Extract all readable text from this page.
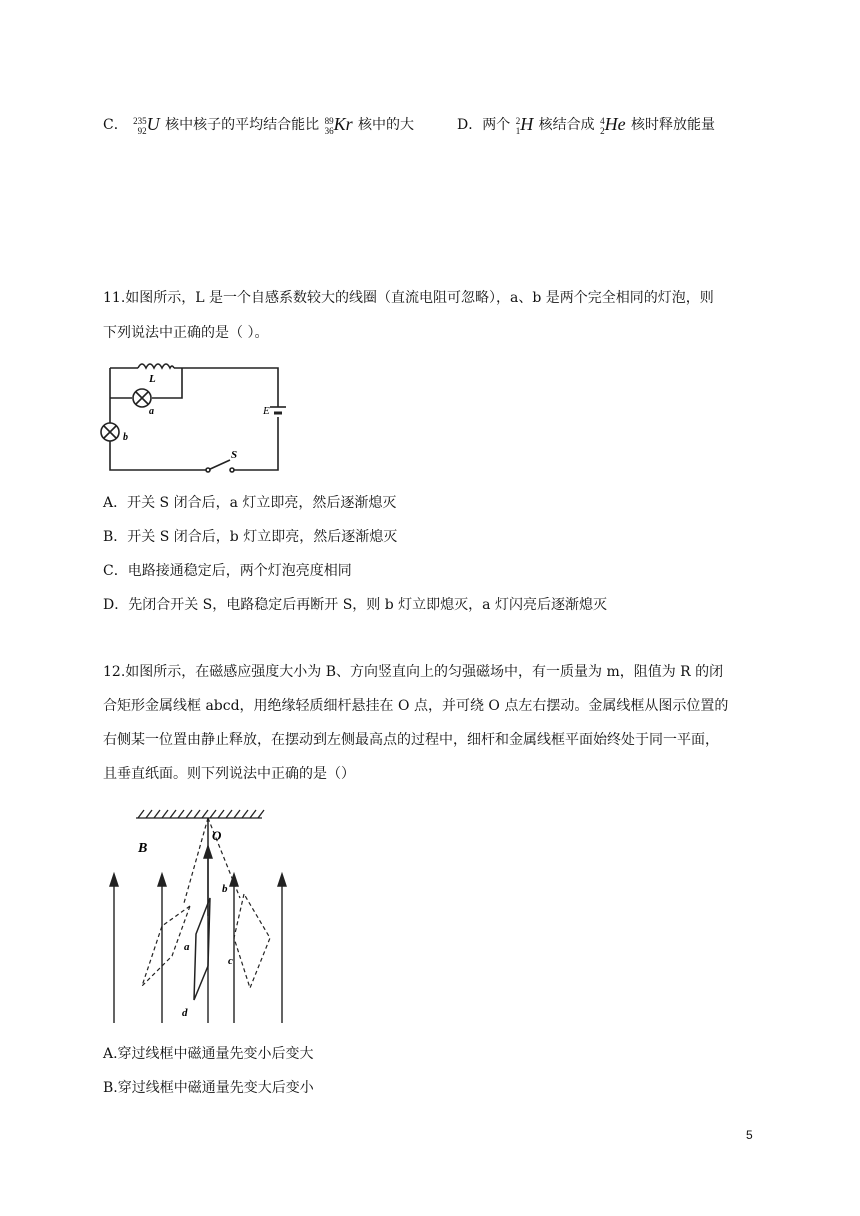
C． 235
92 U 核中核子的平均结合能比 89
36 Kr 核中的大	D．两个 2
1 H 核结合成 4
2 He 核时释放能量
11.如图所示，L 是一个自感系数较大的线圈（直流电阻可忽略），a、b 是两个完全相同的灯泡，则
下列说法中正确的是（ ）。
L
a
b
E
S
A．开关 S 闭合后，a 灯立即亮，然后逐渐熄灭
B．开关 S 闭合后，b 灯立即亮，然后逐渐熄灭
C．电路接通稳定后，两个灯泡亮度相同
D．先闭合开关 S，电路稳定后再断开 S，则 b 灯立即熄灭，a 灯闪亮后逐渐熄灭
12.如图所示，在磁感应强度大小为 B、方向竖直向上的匀强磁场中，有一质量为 m，阻值为 R 的闭
合矩形金属线框 abcd，用绝缘轻质细杆悬挂在 O 点，并可绕 O 点左右摆动。金属线框从图示位置的
右侧某一位置由静止释放，在摆动到左侧最高点的过程中，细杆和金属线框平面始终处于同一平面，
且垂直纸面。则下列说法中正确的是（）
O
B
a
b
c
d
A.穿过线框中磁通量先变小后变大
B.穿过线框中磁通量先变大后变小
5
